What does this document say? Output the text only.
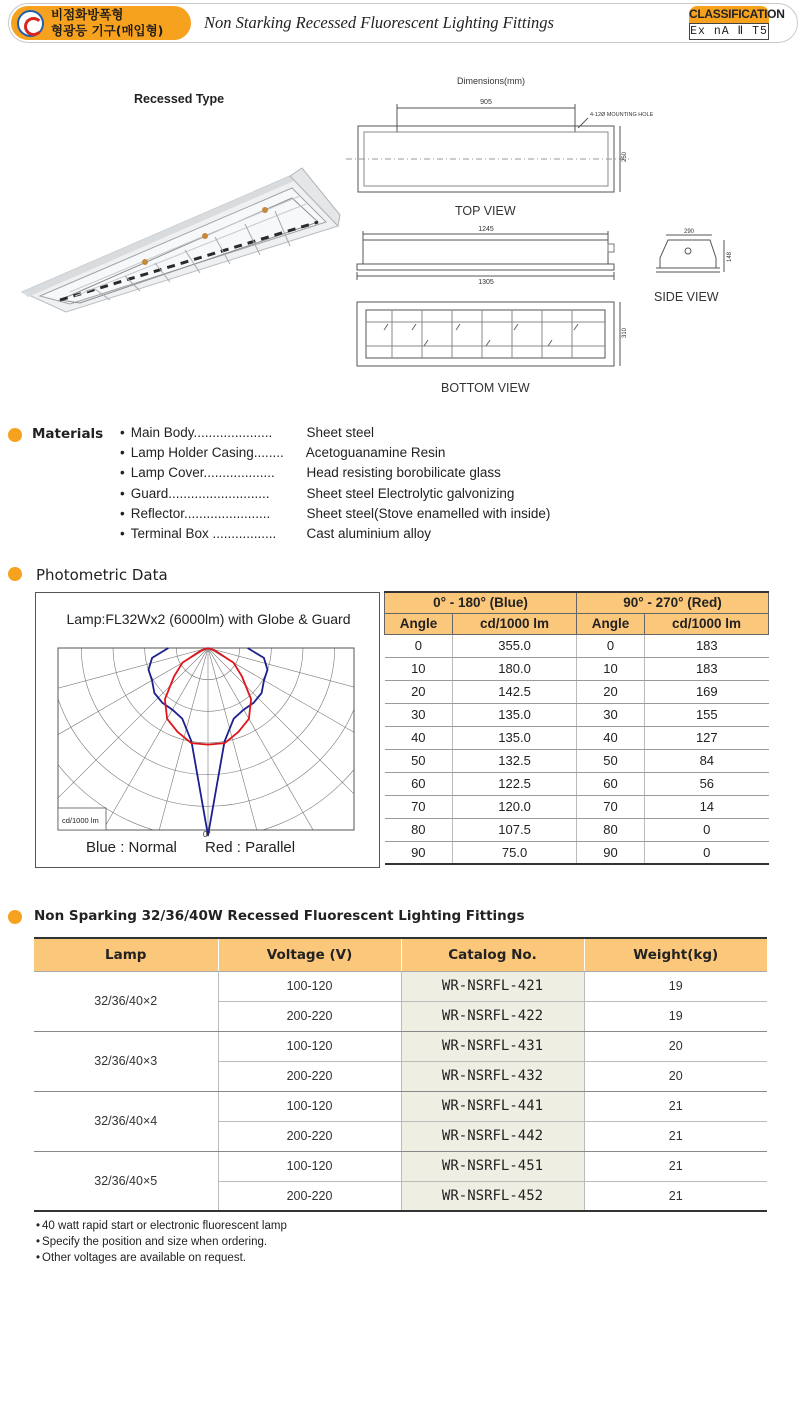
비점화방폭형
형광등 기구(매입형) Non Starking Recessed Fluorescent Lighting Fittings	CLASSIFICATION
Ex nA Ⅱ T5
Recessed Type
Dimensions(mm)
905
4-12Ø MOUNTING HOLE
250
1245
1305
290
148
310
TOP VIEW
SIDE VIEW
BOTTOM VIEW
Materials	• Main Body.....................	Sheet steel
• Lamp Holder Casing........ Acetoguanamine Resin
• Lamp Cover................... Head resisting borobilicate glass
• Guard...........................	Sheet steel Electrolytic galvonizing
• Reflector.......................	Sheet steel(Stove enamelled with inside)
• Terminal Box ................. Cast aluminium alloy
Photometric Data
Lamp:FL32Wx2 (6000lm) with Globe & Guard
cd/1000 lm
0°
Blue : Normal Red : Parallel
0° - 180° (Blue)		90° - 270° (Red)	
Angle	cd/1000 lm	Angle	cd/1000 lm
0	355.0	0	183
10	180.0	10	183
20	142.5	20	169
30	135.0	30	155
40	135.0	40	127
50	132.5	50	84
60	122.5	60	56
70	120.0	70	14
80	107.5	80	0
90	75.0	90	0
Non Sparking 32/36/40W Recessed Fluorescent Lighting Fittings
Lamp	Voltage (V)	Catalog No.	Weight(kg)
32/36/40×2	100-120	WR-NSRFL-421	19
	200-220	WR-NSRFL-422	19
32/36/40×3	100-120	WR-NSRFL-431	20
	200-220	WR-NSRFL-432	20
32/36/40×4	100-120	WR-NSRFL-441	21
	200-220	WR-NSRFL-442	21
32/36/40×5	100-120	WR-NSRFL-451	21
	200-220	WR-NSRFL-452	21
• 40 watt rapid start or electronic fluorescent lamp
• Specify the position and size when ordering.
• Other voltages are available on request.
